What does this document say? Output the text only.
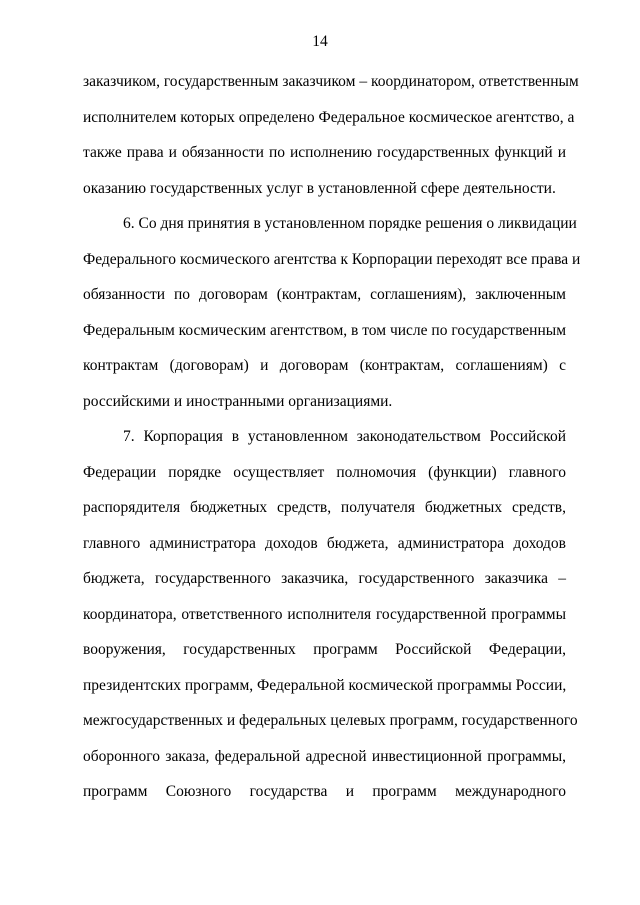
14
заказчиком, государственным заказчиком – координатором, ответственным
исполнителем которых определено Федеральное космическое агентство, а
также права и обязанности по исполнению государственных функций и
оказанию государственных услуг в установленной сфере деятельности.
6. Со дня принятия в установленном порядке решения о ликвидации
Федерального космического агентства к Корпорации переходят все права и
обязанности по договорам (контрактам, соглашениям), заключенным
Федеральным космическим агентством, в том числе по государственным
контрактам (договорам) и договорам (контрактам, соглашениям) с
российскими и иностранными организациями.
7. Корпорация в установленном законодательством Российской
Федерации порядке осуществляет полномочия (функции) главного
распорядителя бюджетных средств, получателя бюджетных средств,
главного администратора доходов бюджета, администратора доходов
бюджета, государственного заказчика, государственного заказчика –
координатора, ответственного исполнителя государственной программы
вооружения, государственных программ Российской Федерации,
президентских программ, Федеральной космической программы России,
межгосударственных и федеральных целевых программ, государственного
оборонного заказа, федеральной адресной инвестиционной программы,
программ Союзного государства и программ международного
